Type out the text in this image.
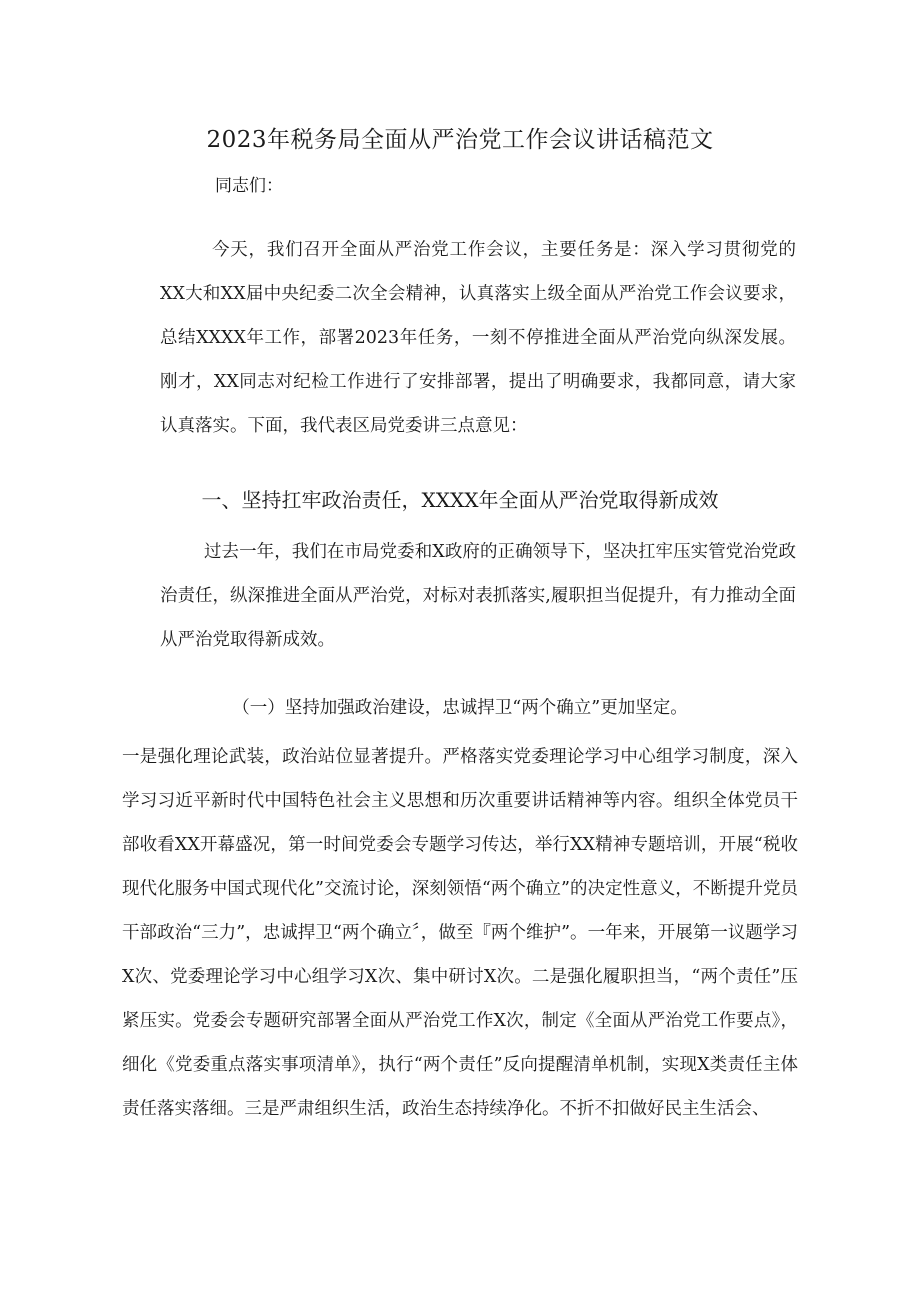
2023年税务局全面从严治党工作会议讲话稿范文
同志们：

今天，我们召开全面从严治党工作会议，主要任务是：深入学习贯彻党的XX大和XX届中央纪委二次全会精神，认真落实上级全面从严治党工作会议要求，总结XXXX年工作，部署2023年任务，一刻不停推进全面从严治党向纵深发展。刚才，XX同志对纪检工作进行了安排部署，提出了明确要求，我都同意，请大家认真落实。下面，我代表区局党委讲三点意见：

一、坚持扛牢政治责任，XXXX年全面从严治党取得新成效

过去一年，我们在市局党委和X政府的正确领导下，坚决扛牢压实管党治党政治责任，纵深推进全面从严治党，对标对表抓落实,履职担当促提升，有力推动全面从严治党取得新成效。

（一）坚持加强政治建设，忠诚捍卫“两个确立”更加坚定。

一是强化理论武装，政治站位显著提升。严格落实党委理论学习中心组学习制度，深入学习习近平新时代中国特色社会主义思想和历次重要讲话精神等内容。组织全体党员干部收看XX开幕盛况，第一时间党委会专题学习传达，举行XX精神专题培训，开展“税收现代化服务中国式现代化”交流讨论，深刻领悟“两个确立”的决定性意义，不断提升党员干部政治“三力”，忠诚捍卫“两个确立〞，做至『两个维护”。一年来，开展第一议题学习X次、党委理论学习中心组学习X次、集中研讨X次。二是强化履职担当，“两个责任”压紧压实。党委会专题研究部署全面从严治党工作X次，制定《全面从严治党工作要点》，细化《党委重点落实事项清单》，执行“两个责任”反向提醒清单机制，实现X类责任主体责任落实落细。三是严肃组织生活，政治生态持续净化。不折不扣做好民主生活会、
